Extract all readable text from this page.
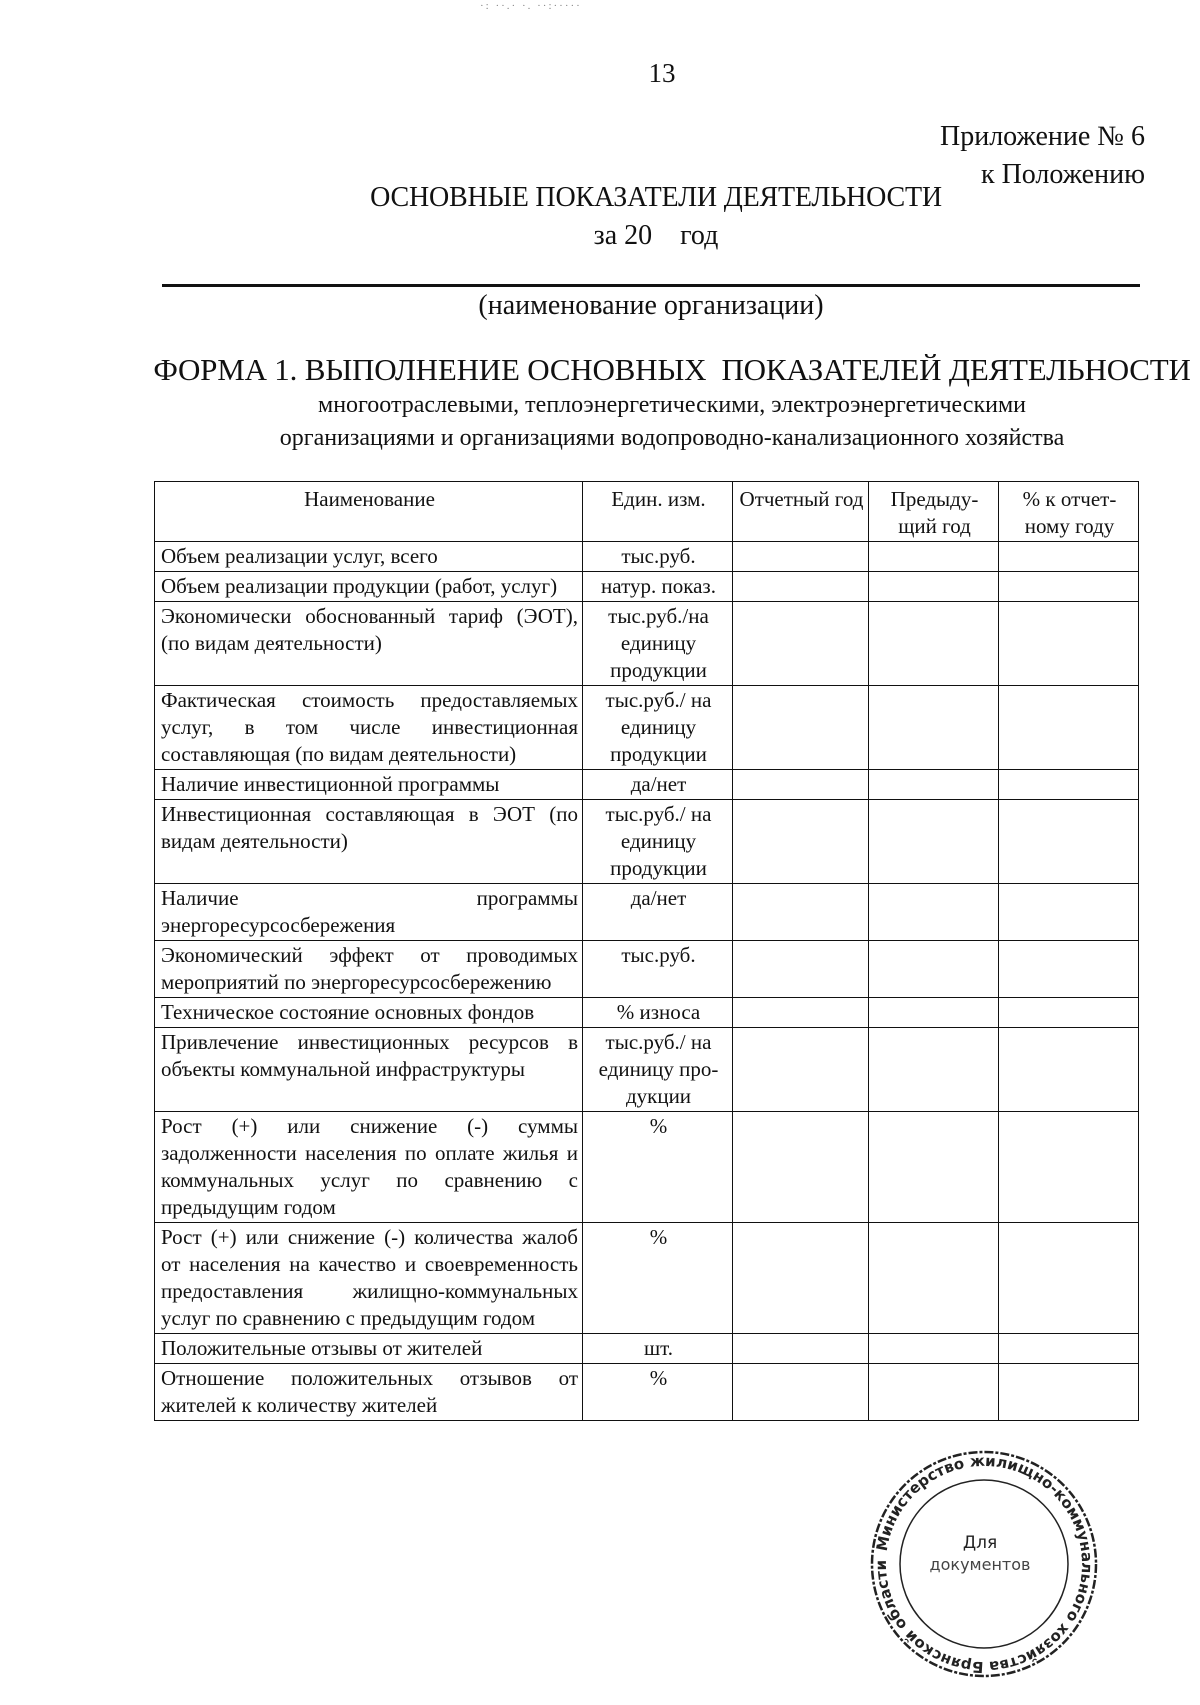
·: ··.· ·. ··:·····
13
Приложение № 6
к Положению
ОСНОВНЫЕ ПОКАЗАТЕЛИ ДЕЯТЕЛЬНОСТИ
за 20    год
(наименование организации)
ФОРМА 1. ВЫПОЛНЕНИЕ ОСНОВНЫХ  ПОКАЗАТЕЛЕЙ ДЕЯТЕЛЬНОСТИ
многоотраслевыми, теплоэнергетическими, электроэнергетическими
организациями и организациями водопроводно-канализационного хозяйства
Наименование	Един. изм.	Отчетный год	Предыду-щий год	% к отчет-ному году
Объем реализации услуг, всего	тыс.руб.			
Объем реализации продукции (работ, услуг)	натур. показ.			
Экономически обоснованный тариф (ЭОТ), (по видам деятельности)	тыс.руб./на единицу продукции			
Фактическая стоимость предоставляемых услуг, в том числе инвестиционная составляющая (по видам деятельности)	тыс.руб./ на единицу продукции			
Наличие инвестиционной программы	да/нет			
Инвестиционная составляющая в ЭОТ (по видам деятельности)	тыс.руб./ на единицу продукции			
Наличие программы энергоресурсосбережения	да/нет			
Экономический эффект от проводимых мероприятий по энергоресурсосбережению	тыс.руб.			
Техническое состояние основных фондов	% износа			
Привлечение инвестиционных ресурсов в объекты коммунальной инфраструктуры	тыс.руб./ на единицу про-дукции			
Рост (+) или снижение (-) суммы задолженности населения по оплате жилья и коммунальных услуг по сравнению с предыдущим годом	%			
Рост (+) или снижение (-) количества жалоб от населения на качество и своевременность предоставления жилищно-коммунальных услуг по сравнению с предыдущим годом	%			
Положительные отзывы от жителей	шт.			
Отношение положительных отзывов от жителей к количеству жителей	%			
Министерство жилищно-коммунального хозяйства Брянской области
Для
документов
